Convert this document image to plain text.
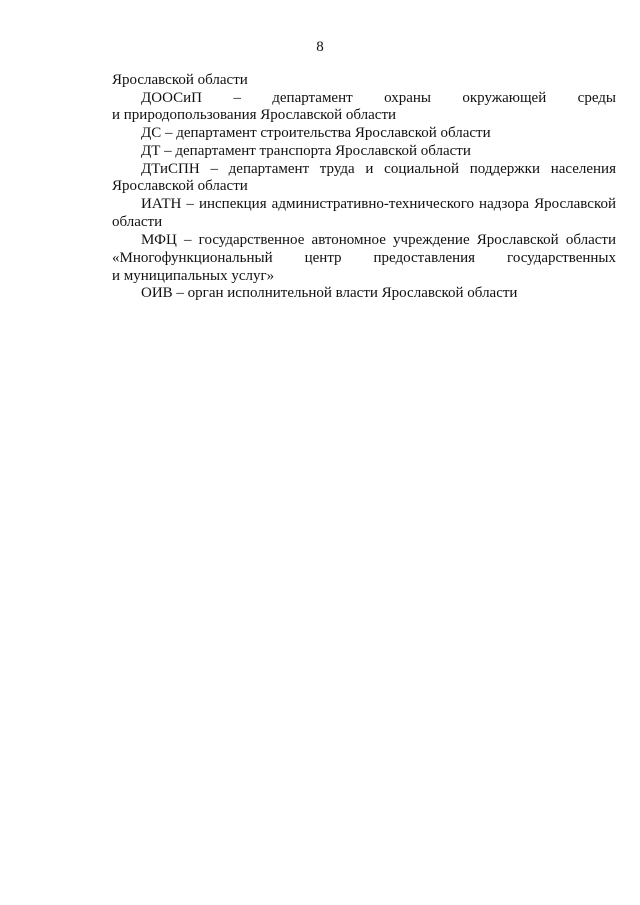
8
Ярославской области
ДООСиП – департамент охраны окружающей среды
и природопользования Ярославской области
ДС – департамент строительства Ярославской области
ДТ – департамент транспорта Ярославской области
ДТиСПН – департамент труда и социальной поддержки населения
Ярославской области
ИАТН – инспекция административно-технического надзора Ярославской
области
МФЦ – государственное автономное учреждение Ярославской области
«Многофункциональный центр предоставления государственных
и муниципальных услуг»
ОИВ – орган исполнительной власти Ярославской области
